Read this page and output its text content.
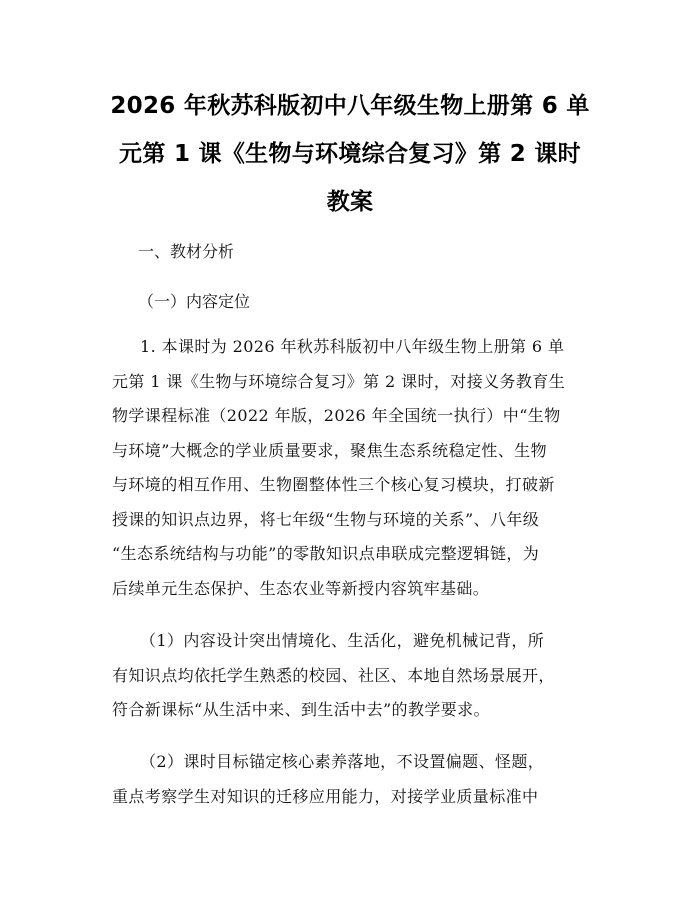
2026 年秋苏科版初中八年级生物上册第 6 单
元第 1 课《生物与环境综合复习》第 2 课时
教案

一、教材分析

（一）内容定位

1. 本课时为 2026 年秋苏科版初中八年级生物上册第 6 单
元第 1 课《生物与环境综合复习》第 2 课时，对接义务教育生
物学课程标准（2022 年版，2026 年全国统一执行）中“生物
与环境”大概念的学业质量要求，聚焦生态系统稳定性、生物
与环境的相互作用、生物圈整体性三个核心复习模块，打破新
授课的知识点边界，将七年级“生物与环境的关系”、八年级
“生态系统结构与功能”的零散知识点串联成完整逻辑链，为
后续单元生态保护、生态农业等新授内容筑牢基础。
（1）内容设计突出情境化、生活化，避免机械记背，所
有知识点均依托学生熟悉的校园、社区、本地自然场景展开，
符合新课标“从生活中来、到生活中去”的教学要求。
（2）课时目标锚定核心素养落地，不设置偏题、怪题，
重点考察学生对知识的迁移应用能力，对接学业质量标准中
